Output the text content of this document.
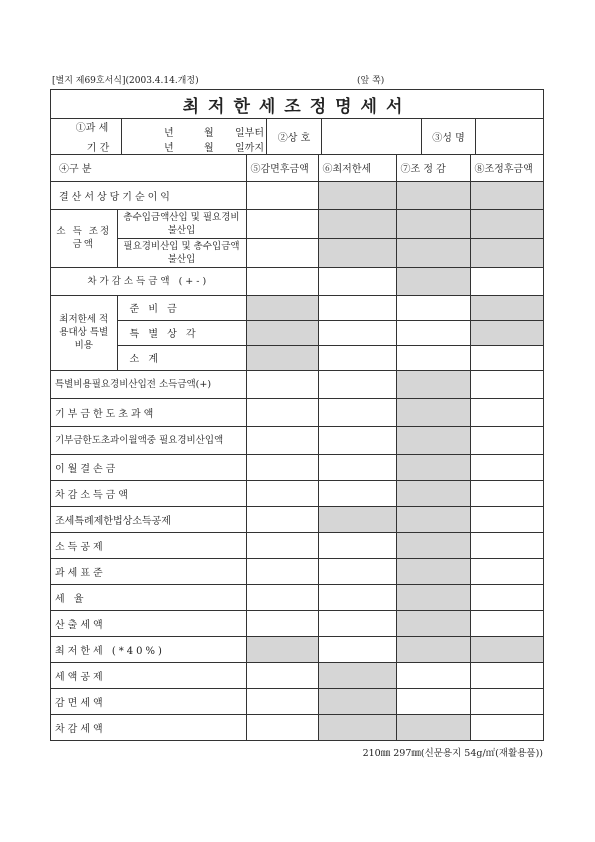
[별지 제69호서식](2003.4.14.개정)	(앞 쪽)
최저한세조정명세서
①과 세
기 간
년	월 일부터
년	월 일까지
②상 호	③성 명
④구 분		⑤감면후금액	⑥최저한세	⑦조 정 감	⑧조정후금액
결산서상당기순이익					
소 득 조정금액	총수입금액산입 및 필요경비불산입				
	필요경비산입 및 총수입금액불산입				
차가감소득금액 (+-)					
최저한세 적용대상 특별비용	준 비 금				
	특 별 상 각				
	소 계				
특별비용필요경비산입전 소득금액(+)					
기부금한도초과액					
기부금한도초과이월액중 필요경비산입액					
이월결손금					
차감소득금액					
조세특례제한법상소득공제					
소득공제					
과세표준					
세 율					
산출세액					
최저한세 (*40%)					
세액공제					
감면세액					
차감세액					
210㎜ 297㎜(신문용지 54g/㎡(재활용품))
